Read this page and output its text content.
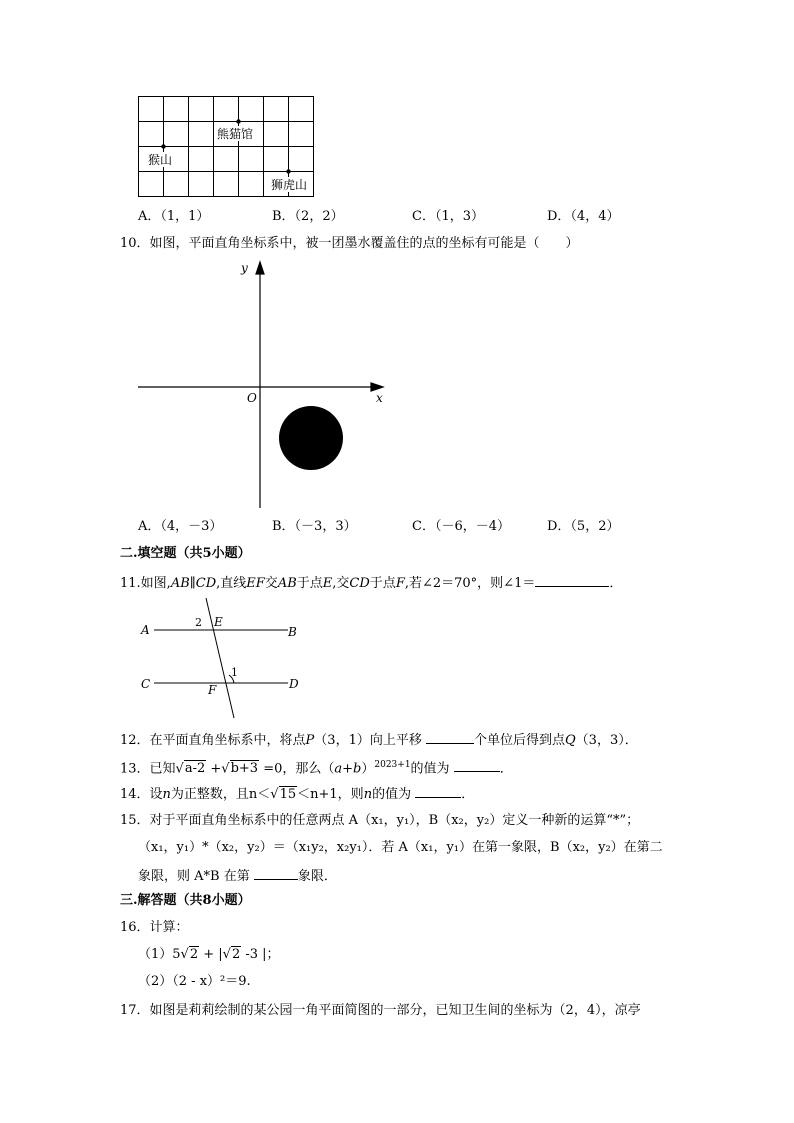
熊猫馆
猴山
狮虎山
A．（1，1）	B．（2，2）	C．（1，3）	D．（4，4）
10．如图，平面直角坐标系中，被一团墨水覆盖住的点的坐标有可能是（　　）
y
x
O
A．（4，－3）	B．（－3，3）	C．（－6，－4）	D．（5，2）
二.填空题（共5小题）
11.如图,AB∥CD,直线EF交AB于点E,交CD于点F,若∠2＝70°，则∠1＝	．
A	B
C	D
E
F
1
2
12．在平面直角坐标系中，将点P（3，1）向上平移	个单位后得到点Q（3，3）．
13．已知√a-2 +√b+3 =0，那么$(a+b)^{2023+1}$的值为	．
14．设n为正整数，且n＜√15＜n+1，则n的值为	．
15．对于平面直角坐标系中的任意两点 A（x₁，y₁），B（x₂，y₂）定义一种新的运算“*”；
（x₁，y₁）*（x₂，y₂）＝（x₁y₂，x₂y₁）．若 A（x₁，y₁）在第一象限，B（x₂，y₂）在第二
象限，则 A*B 在第	象限．
三.解答题（共8小题）
16．计算：
（1）5√2 + |√2 -3 |；
（2）（2 - x）²＝9.
17．如图是莉莉绘制的某公园一角平面简图的一部分，已知卫生间的坐标为（2，4），凉亭
